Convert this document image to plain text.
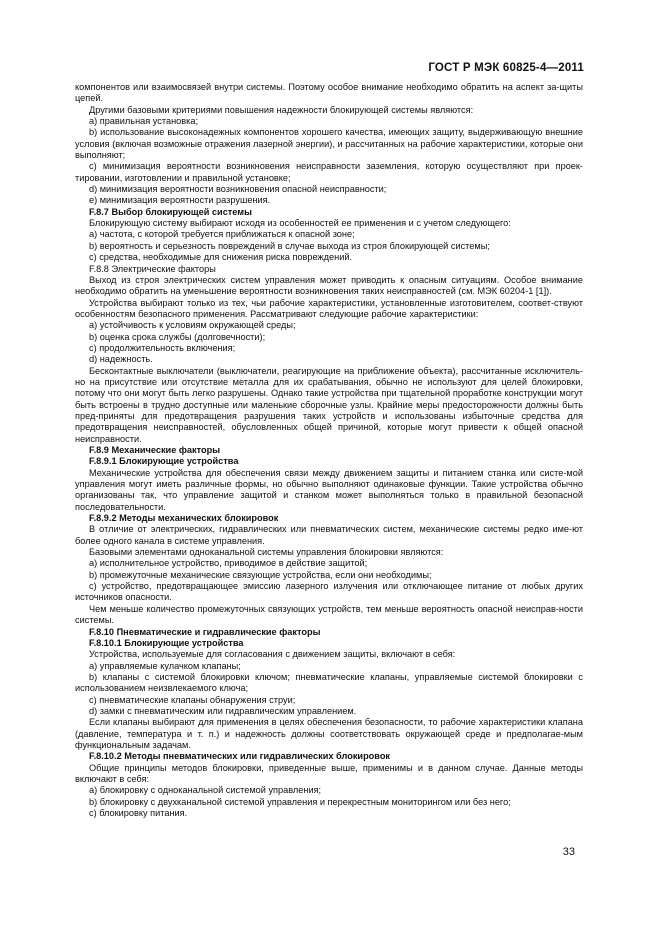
ГОСТ Р МЭК 60825-4—2011

компонентов или взаимосвязей внутри системы. Поэтому особое внимание необходимо обратить на аспект за-щиты цепей.

Другими базовыми критериями повышения надежности блокирующей системы являются:

а) правильная установка;

b) использование высоконадежных компонентов хорошего качества, имеющих защиту, выдерживающую внешние условия (включая возможные отражения лазерной энергии), и рассчитанных на рабочие характеристики, которые они выполняют;

с) минимизация вероятности возникновения неисправности заземления, которую осуществляют при проек-тировании, изготовлении и правильной установке;

d) минимизация вероятности возникновения опасной неисправности;

е) минимизация вероятности разрушения.

F.8.7 Выбор блокирующей системы

Блокирующую систему выбирают исходя из особенностей ее применения и с учетом следующего:

а) частота, с которой требуется приближаться к опасной зоне;

b) вероятность и серьезность повреждений в случае выхода из строя блокирующей системы;

с) средства, необходимые для снижения риска повреждений.

F.8.8 Электрические факторы

Выход из строя электрических систем управления может приводить к опасным ситуациям. Особое внимание необходимо обратить на уменьшение вероятности возникновения таких неисправностей (см. МЭК 60204-1 [1]).

Устройства выбирают только из тех, чьи рабочие характеристики, установленные изготовителем, соответ-ствуют особенностям безопасного применения. Рассматривают следующие рабочие характеристики:

а) устойчивость к условиям окружающей среды;

b) оценка срока службы (долговечности);

с) продолжительность включения;

d) надежность.

Бесконтактные выключатели (выключатели, реагирующие на приближение объекта), рассчитанные исключитель-но на присутствие или отсутствие металла для их срабатывания, обычно не используют для целей блокировки, потому что они могут быть легко разрушены. Однако такие устройства при тщательной проработке конструкции могут быть встроены в трудно доступные или маленькие сборочные узлы. Крайние меры предосторожности должны быть пред-приняты для предотвращения разрушения таких устройств и использованы избыточные средства для предотвращения неисправностей, обусловленных общей причиной, которые могут привести к общей опасной неисправности.

F.8.9 Механические факторы

F.8.9.1 Блокирующие устройства

Механические устройства для обеспечения связи между движением защиты и питанием станка или систе-мой управления могут иметь различные формы, но обычно выполняют одинаковые функции. Такие устройства обычно организованы так, что управление защитой и станком может выполняться только в правильной безопасной последовательности.

F.8.9.2 Методы механических блокировок

В отличие от электрических, гидравлических или пневматических систем, механические системы редко име-ют более одного канала в системе управления.

Базовыми элементами одноканальной системы управления блокировки являются:

а) исполнительное устройство, приводимое в действие защитой;

b) промежуточные механические связующие устройства, если они необходимы;

с) устройство, предотвращающее эмиссию лазерного излучения или отключающее питание от любых других источников опасности.

Чем меньше количество промежуточных связующих устройств, тем меньше вероятность опасной неисправ-ности системы.

F.8.10 Пневматические и гидравлические факторы

F.8.10.1 Блокирующие устройства

Устройства, используемые для согласования с движением защиты, включают в себя:

а) управляемые кулачком клапаны;

b) клапаны с системой блокировки ключом; пневматические клапаны, управляемые системой блокировки с использованием неизвлекаемого ключа;

с) пневматические клапаны обнаружения струи;

d) замки с пневматическим или гидравлическим управлением.

Если клапаны выбирают для применения в целях обеспечения безопасности, то рабочие характеристики клапана (давление, температура и т. п.) и надежность должны соответствовать окружающей среде и предполагае-мым функциональным задачам.

F.8.10.2 Методы пневматических или гидравлических блокировок

Общие принципы методов блокировки, приведенные выше, применимы и в данном случае. Данные методы включают в себя:

а) блокировку с одноканальной системой управления;

b) блокировку с двухканальной системой управления и перекрестным мониторингом или без него;

с) блокировку питания.

33
